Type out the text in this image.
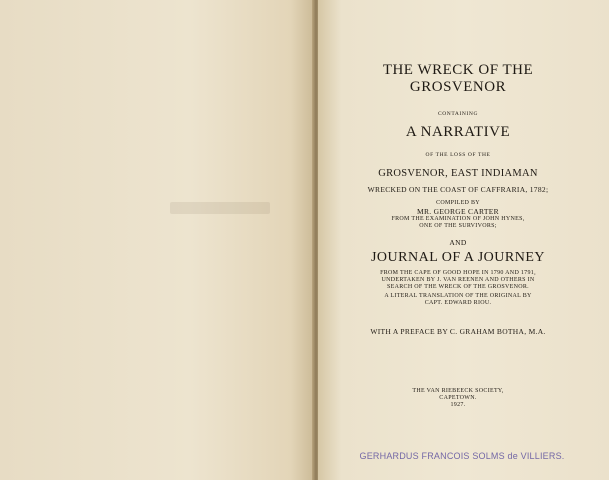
THE WRECK OF THE

GROSVENOR

CONTAINING

A NARRATIVE

OF THE LOSS OF THE

GROSVENOR, EAST INDIAMAN

WRECKED ON THE COAST OF CAFFRARIA, 1782;

COMPILED BY

MR. GEORGE CARTER

FROM THE EXAMINATION OF JOHN HYNES,

ONE OF THE SURVIVORS;

AND

JOURNAL OF A JOURNEY

FROM THE CAPE OF GOOD HOPE IN 1790 AND 1791,

UNDERTAKEN BY J. VAN REENEN AND OTHERS IN

SEARCH OF THE WRECK OF THE GROSVENOR.

A LITERAL TRANSLATION OF THE ORIGINAL BY

CAPT. EDWARD RIOU.

WITH A PREFACE BY C. GRAHAM BOTHA, M.A.

THE VAN RIEBEECK SOCIETY,

CAPETOWN.

1927.

GERHARDUS FRANCOIS SOLMS de VILLIERS.
